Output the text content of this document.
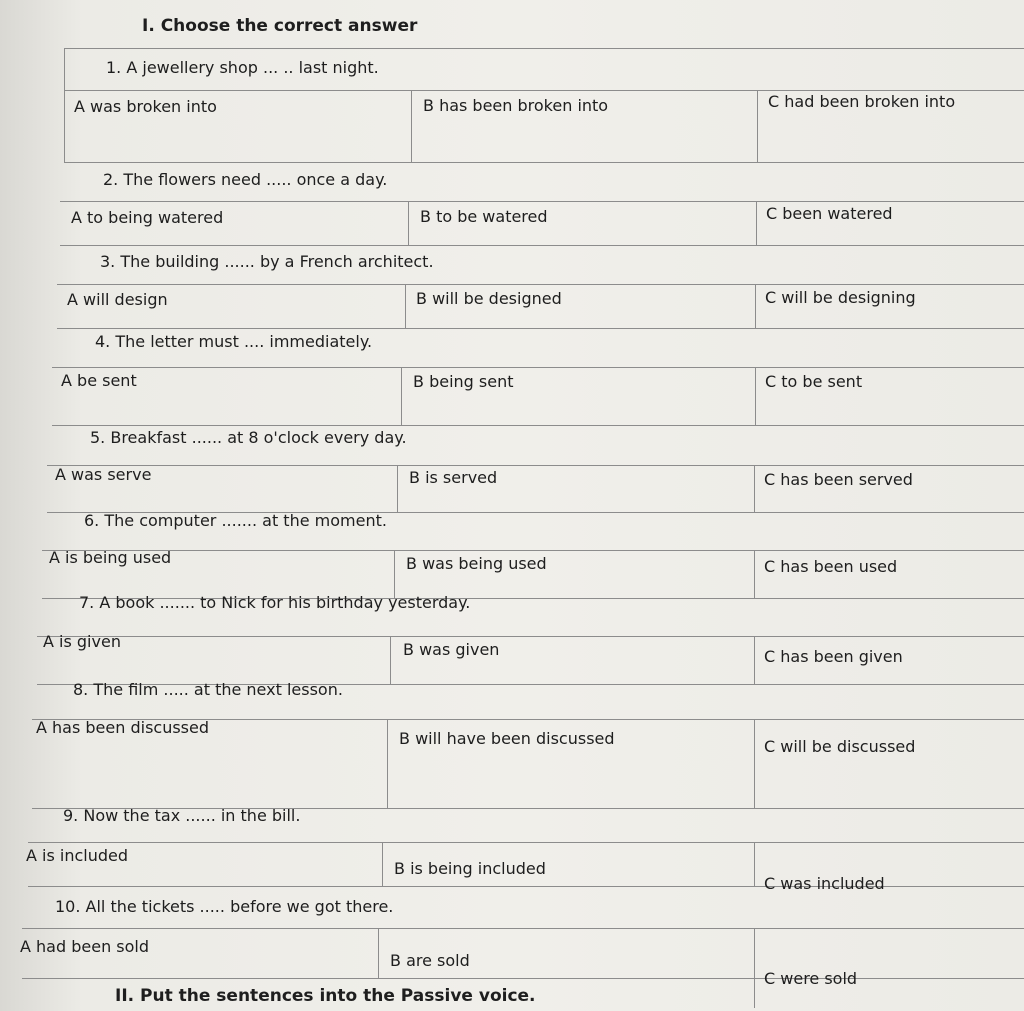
I. Choose the correct answer
1. A jewellery shop ... .. last night.
A was broken into	B has been broken into	C had been broken into
2. The flowers need ..... once a day.
A to being watered	B to be watered	C been watered
3. The building ...... by a French architect.
A will design	B will be designed	C will be designing
4. The letter must .... immediately.
A be sent	B being sent	C to be sent
5. Breakfast ...... at 8 o'clock every day.
A was serve	B is served	C has been served
6. The computer ....... at the moment.
A is being used	B was being used	C has been used
7. A book ....... to Nick for his birthday yesterday.
A is given	B was given	C has been given
8. The film ..... at the next lesson.
A has been discussed
B will have been discussed	C will be discussed
9. Now the tax ...... in the bill.
A is included
B is being included
C was included
10. All the tickets ..... before we got there.
A had been sold
B are sold
C were sold
II. Put the sentences into the Passive voice.
